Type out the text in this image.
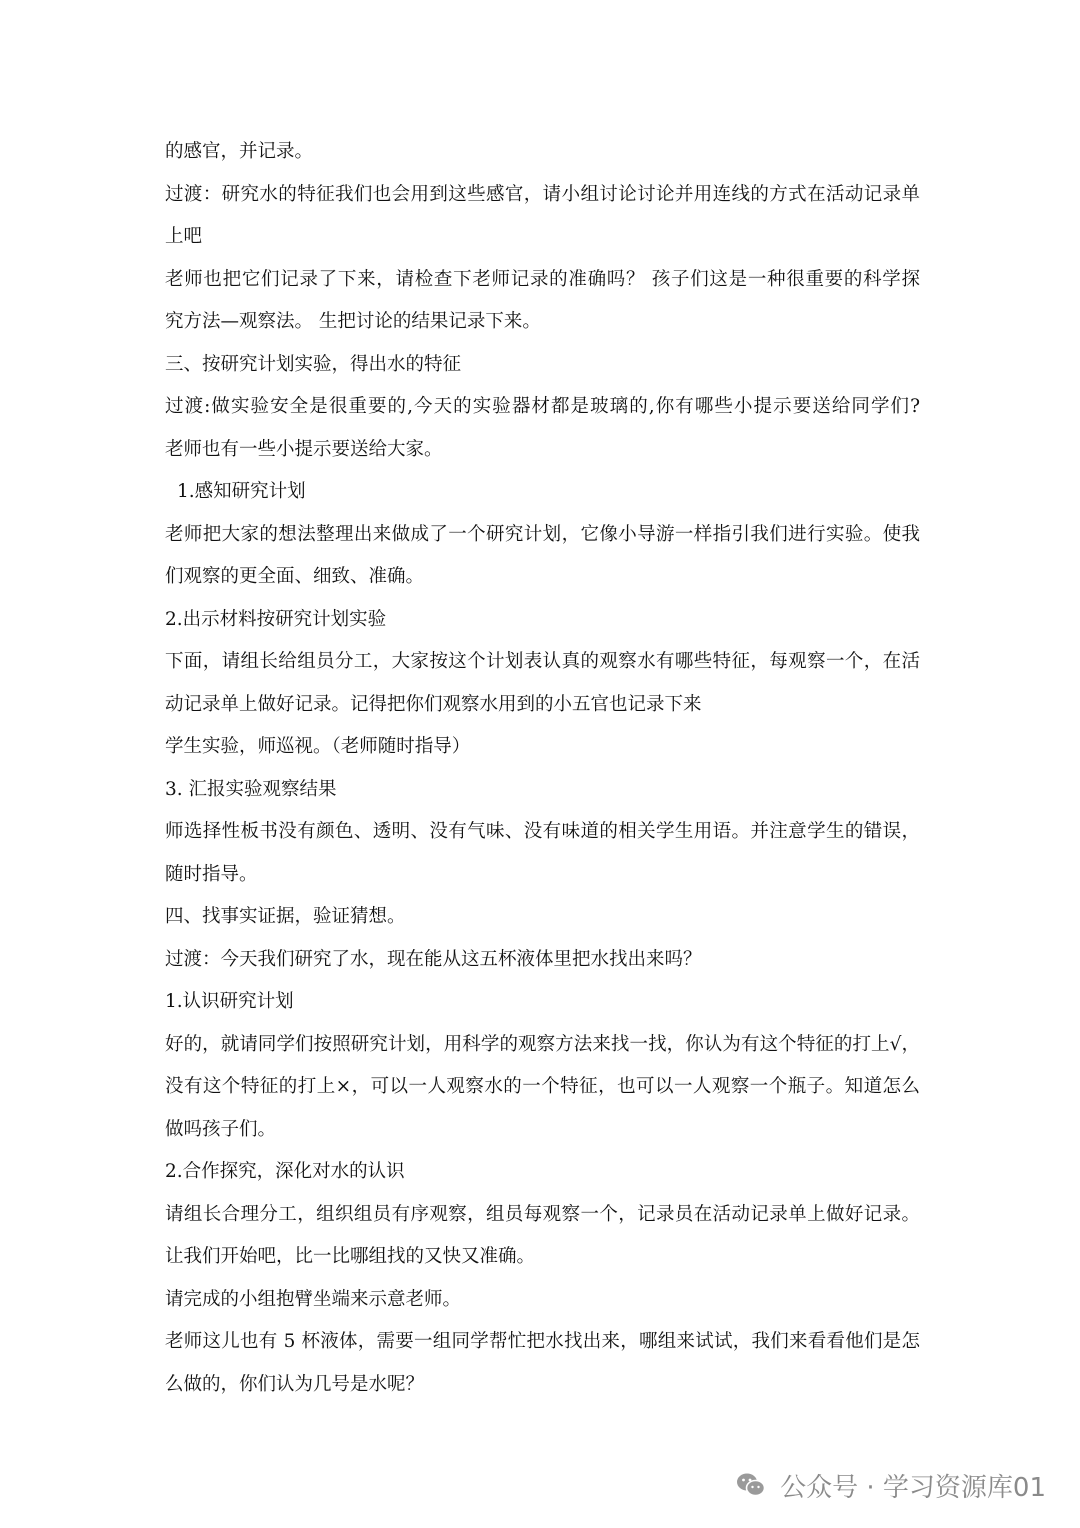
的感官，并记录。
过渡：研究水的特征我们也会用到这些感官，请小组讨论讨论并用连线的方式在活动记录单
上吧
老师也把它们记录了下来，请检查下老师记录的准确吗？ 孩子们这是一种很重要的科学探
究方法—观察法。 生把讨论的结果记录下来。
三、按研究计划实验，得出水的特征
过渡:做实验安全是很重要的,今天的实验器材都是玻璃的,你有哪些小提示要送给同学们?
老师也有一些小提示要送给大家。
1.感知研究计划
老师把大家的想法整理出来做成了一个研究计划，它像小导游一样指引我们进行实验。使我
们观察的更全面、细致、准确。
2.出示材料按研究计划实验
下面，请组长给组员分工，大家按这个计划表认真的观察水有哪些特征，每观察一个，在活
动记录单上做好记录。记得把你们观察水用到的小五官也记录下来
学生实验，师巡视。（老师随时指导）
3. 汇报实验观察结果
师选择性板书没有颜色、透明、没有气味、没有味道的相关学生用语。并注意学生的错误，
随时指导。
四、找事实证据，验证猜想。
过渡：今天我们研究了水，现在能从这五杯液体里把水找出来吗？
1.认识研究计划
好的，就请同学们按照研究计划，用科学的观察方法来找一找，你认为有这个特征的打上√，
没有这个特征的打上×，可以一人观察水的一个特征，也可以一人观察一个瓶子。知道怎么
做吗孩子们。
2.合作探究，深化对水的认识
请组长合理分工，组织组员有序观察，组员每观察一个，记录员在活动记录单上做好记录。
让我们开始吧，比一比哪组找的又快又准确。
请完成的小组抱臂坐端来示意老师。
老师这儿也有 5 杯液体，需要一组同学帮忙把水找出来，哪组来试试，我们来看看他们是怎
么做的，你们认为几号是水呢？
公众号 · 学习资源库01
